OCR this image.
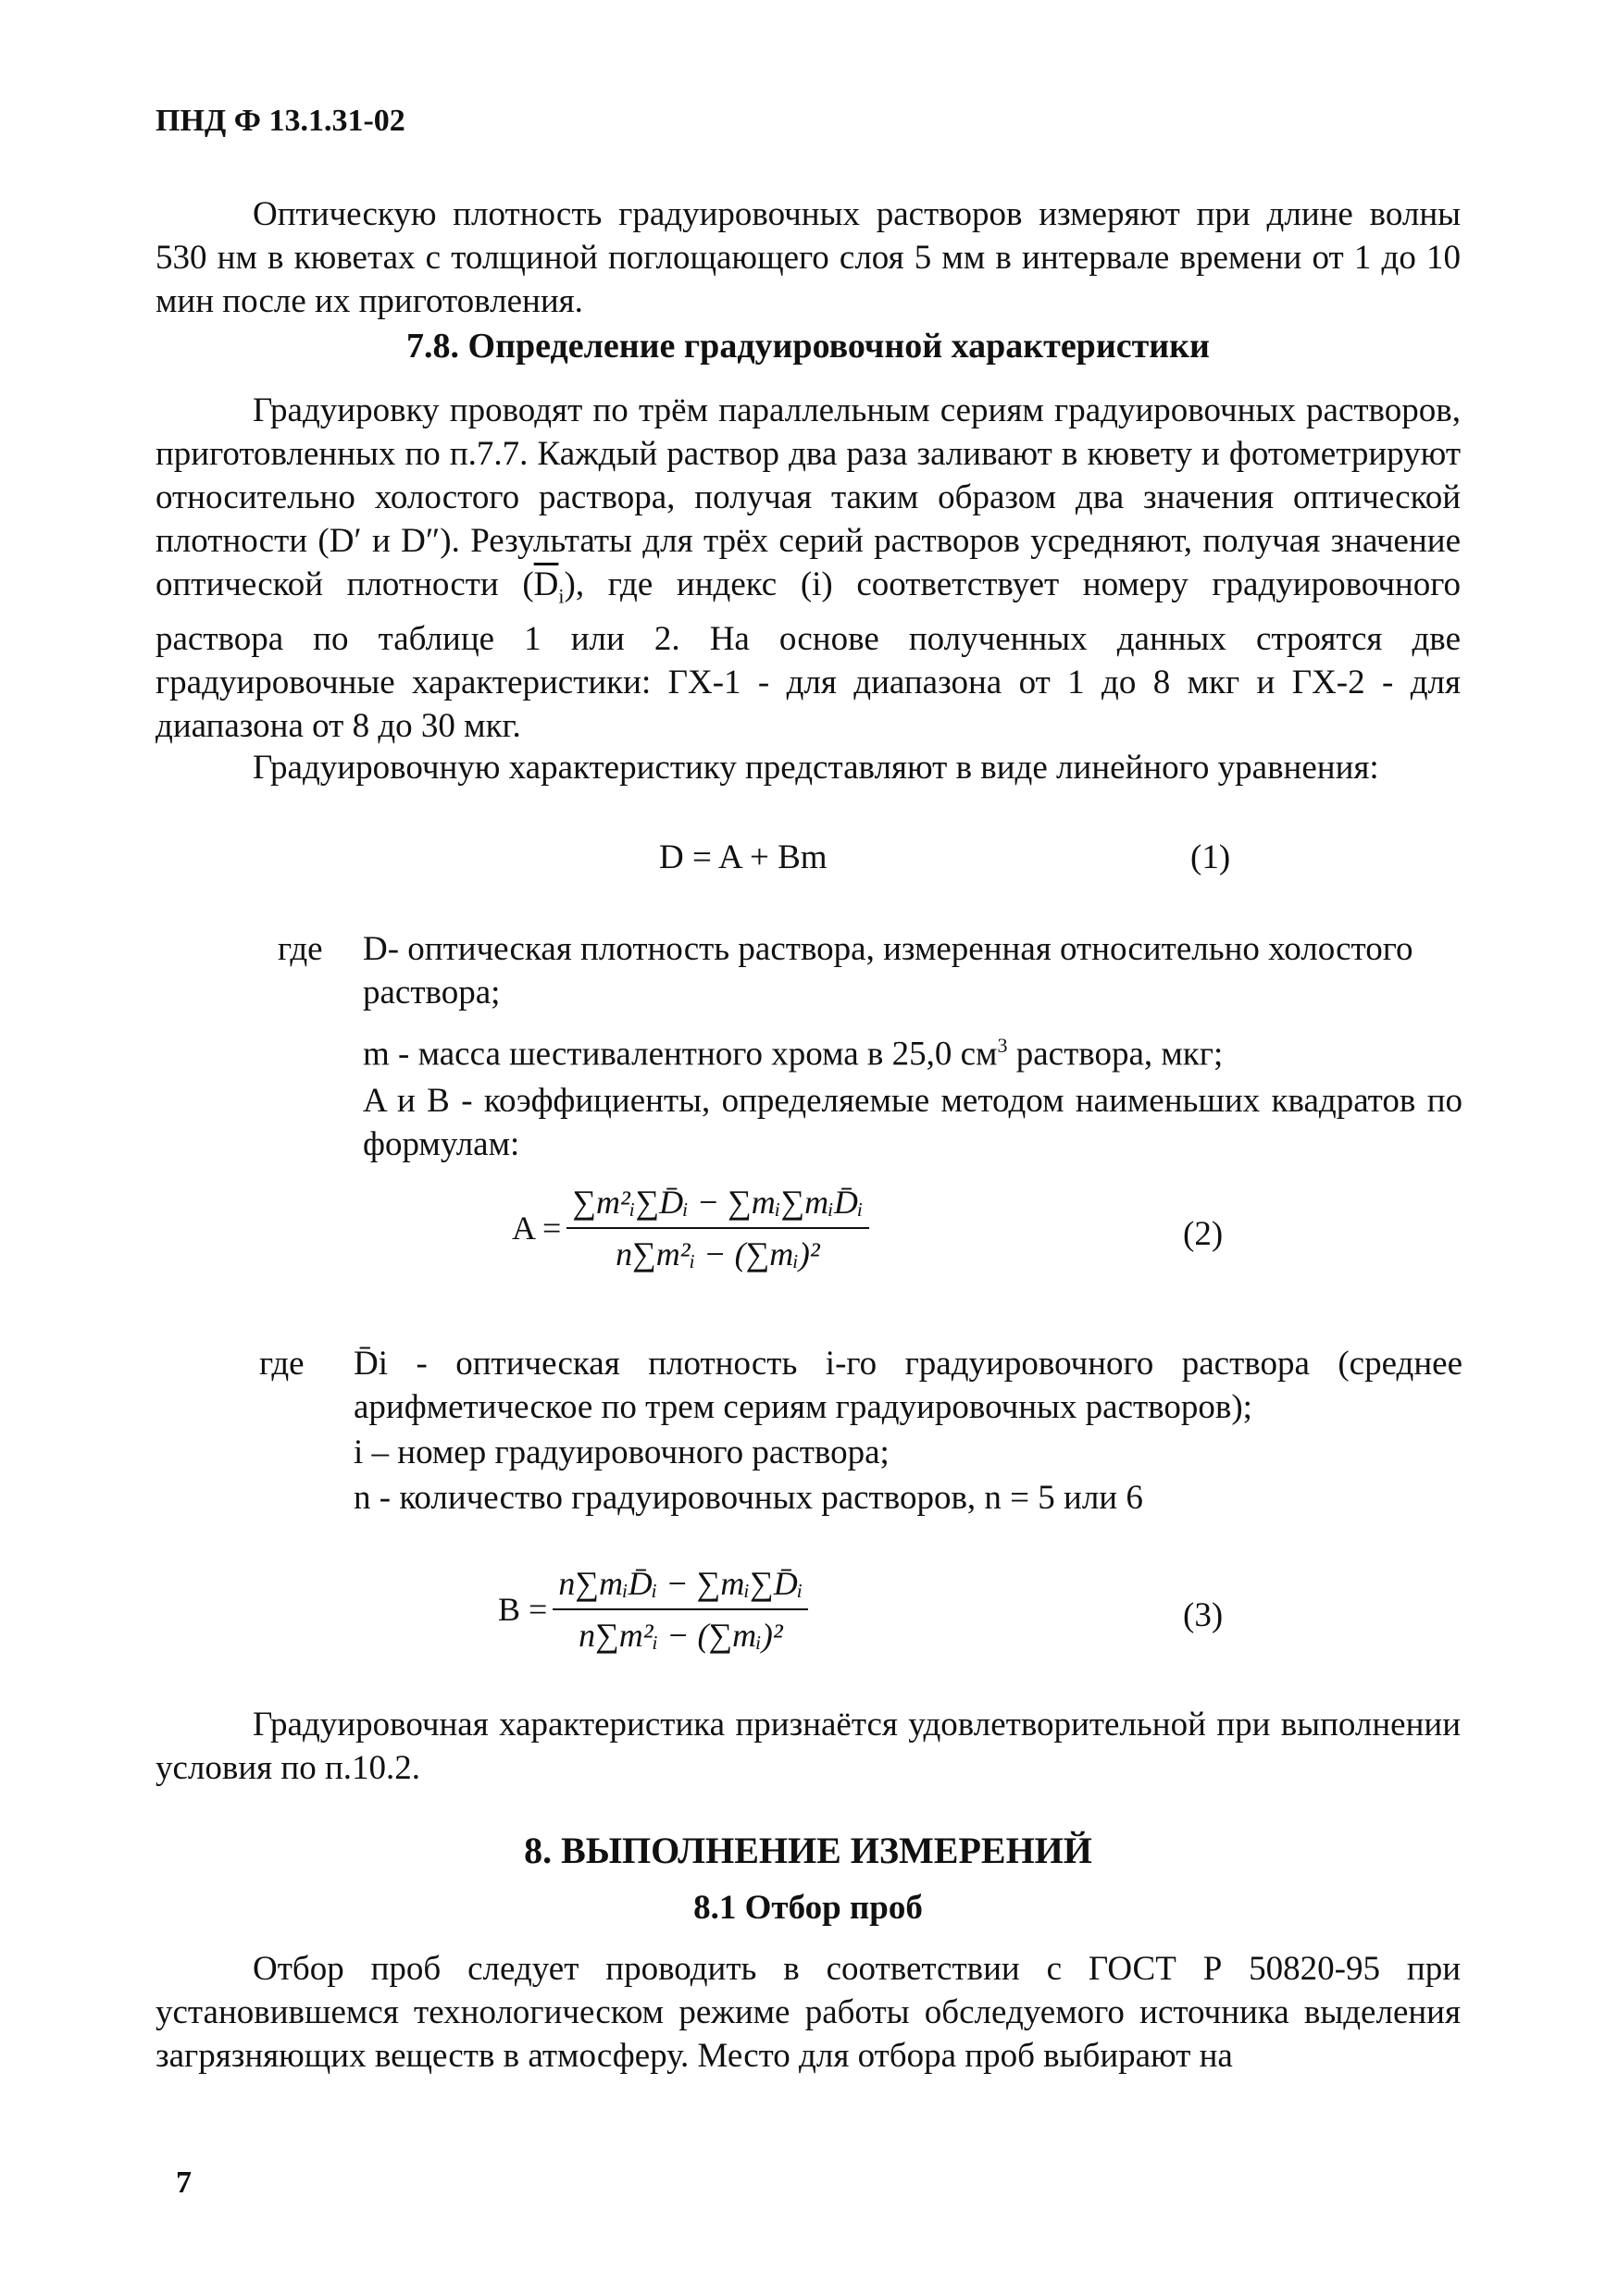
ПНД Ф 13.1.31-02

Оптическую плотность градуировочных растворов измеряют при длине волны 530 нм в кюветах с толщиной поглощающего слоя 5 мм в интервале времени от 1 до 10 мин после их приготовления.

7.8. Определение градуировочной характеристики

Градуировку проводят по трём параллельным сериям градуировочных растворов, приготовленных по п.7.7. Каждый раствор два раза заливают в кювету и фотометрируют относительно холостого раствора, получая таким образом два значения оптической плотности (D′ и D″). Результаты для трёх серий растворов усредняют, получая значение оптической плотности $(\overline{D}_i)$, где индекс (i) соответствует номеру градуировочного раствора по таблице 1 или 2. На основе полученных данных строятся две градуировочные характеристики: ГХ-1 - для диапазона от 1 до 8 мкг и ГХ-2 - для диапазона от 8 до 30 мкг.

Градуировочную характеристику представляют в виде линейного уравнения:

D = A + Bm	(1)
где D- оптическая плотность раствора, измеренная относительно холостого раствора;
m - масса шестивалентного хрома в 25,0 $см^3$ раствора, мкг;
A и B - коэффициенты, определяемые методом наименьших квадратов по формулам:
$A = \frac{\text{∑m²ᵢ∑D̄ᵢ − ∑mᵢ∑mᵢD̄ᵢ}}{\text{n∑m²ᵢ − (∑mᵢ)²}}$	(2)
где D̄i - оптическая плотность i-го градуировочного раствора (среднее арифметическое по трем сериям градуировочных растворов);
i – номер градуировочного раствора;
n - количество градуировочных растворов, n = 5 или 6
$B = \frac{\text{n∑mᵢD̄ᵢ − ∑mᵢ∑D̄ᵢ}}{\text{n∑m²ᵢ − (∑mᵢ)²}}$	(3)

Градуировочная характеристика признаётся удовлетворительной при выполнении условия по п.10.2.

8. ВЫПОЛНЕНИЕ ИЗМЕРЕНИЙ
8.1 Отбор проб

Отбор проб следует проводить в соответствии с ГОСТ Р 50820-95 при установившемся технологическом режиме работы обследуемого источника выделения загрязняющих веществ в атмосферу. Место для отбора проб выбирают на

7
